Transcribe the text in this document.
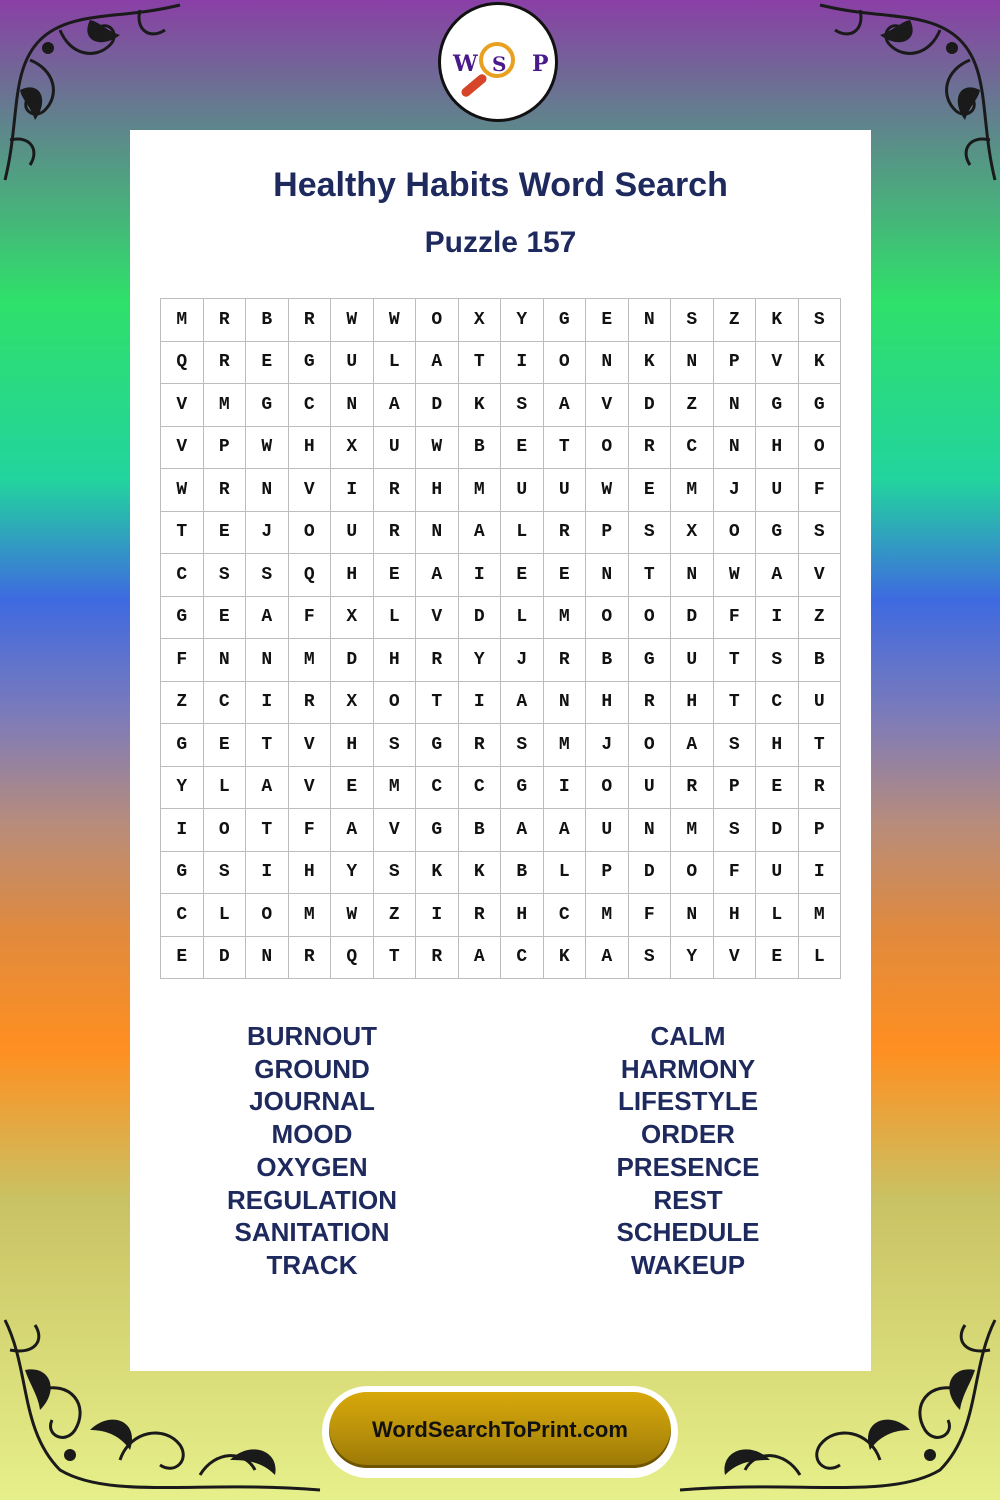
W S P
Healthy Habits Word Search
Puzzle 157
M	R	B	R	W	W	O	X	Y	G	E	N	S	Z	K	S
Q	R	E	G	U	L	A	T	I	O	N	K	N	P	V	K
V	M	G	C	N	A	D	K	S	A	V	D	Z	N	G	G
V	P	W	H	X	U	W	B	E	T	O	R	C	N	H	O
W	R	N	V	I	R	H	M	U	U	W	E	M	J	U	F
T	E	J	O	U	R	N	A	L	R	P	S	X	O	G	S
C	S	S	Q	H	E	A	I	E	E	N	T	N	W	A	V
G	E	A	F	X	L	V	D	L	M	O	O	D	F	I	Z
F	N	N	M	D	H	R	Y	J	R	B	G	U	T	S	B
Z	C	I	R	X	O	T	I	A	N	H	R	H	T	C	U
G	E	T	V	H	S	G	R	S	M	J	O	A	S	H	T
Y	L	A	V	E	M	C	C	G	I	O	U	R	P	E	R
I	O	T	F	A	V	G	B	A	A	U	N	M	S	D	P
G	S	I	H	Y	S	K	K	B	L	P	D	O	F	U	I
C	L	O	M	W	Z	I	R	H	C	M	F	N	H	L	M
E	D	N	R	Q	T	R	A	C	K	A	S	Y	V	E	L
BURNOUT
GROUND
JOURNAL
MOOD
OXYGEN
REGULATION
SANITATION
TRACK
CALM
HARMONY
LIFESTYLE
ORDER
PRESENCE
REST
SCHEDULE
WAKEUP
WordSearchToPrint.com
